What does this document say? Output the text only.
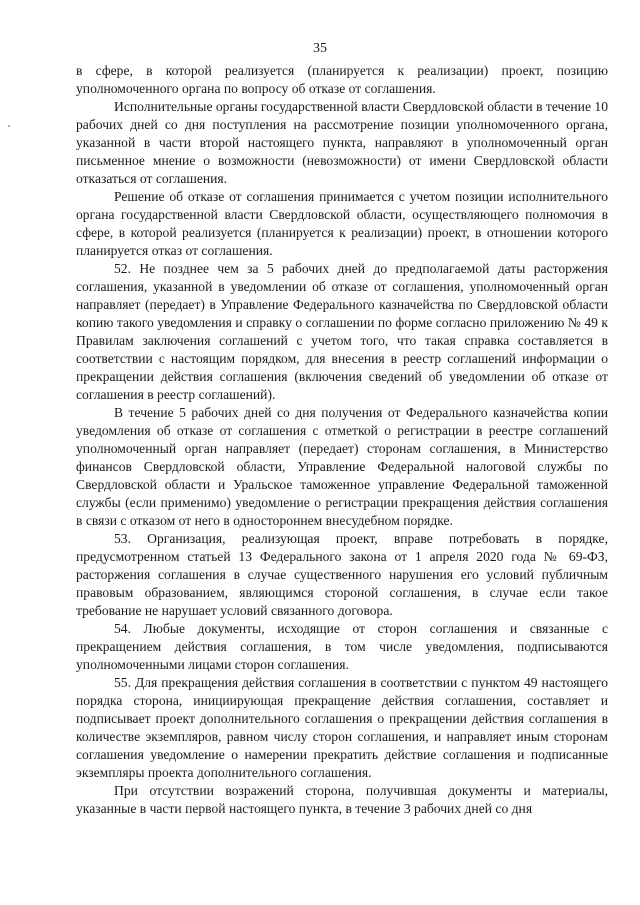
35

в сфере, в которой реализуется (планируется к реализации) проект, позицию уполномоченного органа по вопросу об отказе от соглашения.

Исполнительные органы государственной власти Свердловской области в течение 10 рабочих дней со дня поступления на рассмотрение позиции уполномоченного органа, указанной в части второй настоящего пункта, направляют в уполномоченный орган письменное мнение о возможности (невозможности) от имени Свердловской области отказаться от соглашения.

Решение об отказе от соглашения принимается с учетом позиции исполнительного органа государственной власти Свердловской области, осуществляющего полномочия в сфере, в которой реализуется (планируется к реализации) проект, в отношении которого планируется отказ от соглашения.

52. Не позднее чем за 5 рабочих дней до предполагаемой даты расторжения соглашения, указанной в уведомлении об отказе от соглашения, уполномоченный орган направляет (передает) в Управление Федерального казначейства по Свердловской области копию такого уведомления и справку о соглашении по форме согласно приложению № 49 к Правилам заключения соглашений с учетом того, что такая справка составляется в соответствии с настоящим порядком, для внесения в реестр соглашений информации о прекращении действия соглашения (включения сведений об уведомлении об отказе от соглашения в реестр соглашений).

В течение 5 рабочих дней со дня получения от Федерального казначейства копии уведомления об отказе от соглашения с отметкой о регистрации в реестре соглашений уполномоченный орган направляет (передает) сторонам соглашения, в Министерство финансов Свердловской области, Управление Федеральной налоговой службы по Свердловской области и Уральское таможенное управление Федеральной таможенной службы (если применимо) уведомление о регистрации прекращения действия соглашения в связи с отказом от него в одностороннем внесудебном порядке.

53. Организация, реализующая проект, вправе потребовать в порядке, предусмотренном статьей 13 Федерального закона от 1 апреля 2020 года № 69-ФЗ, расторжения соглашения в случае существенного нарушения его условий публичным правовым образованием, являющимся стороной соглашения, в случае если такое требование не нарушает условий связанного договора.

54. Любые документы, исходящие от сторон соглашения и связанные с прекращением действия соглашения, в том числе уведомления, подписываются уполномоченными лицами сторон соглашения.

55. Для прекращения действия соглашения в соответствии с пунктом 49 настоящего порядка сторона, инициирующая прекращение действия соглашения, составляет и подписывает проект дополнительного соглашения о прекращении действия соглашения в количестве экземпляров, равном числу сторон соглашения, и направляет иным сторонам соглашения уведомление о намерении прекратить действие соглашения и подписанные экземпляры проекта дополнительного соглашения.

При отсутствии возражений сторона, получившая документы и материалы, указанные в части первой настоящего пункта, в течение 3 рабочих дней со дня
